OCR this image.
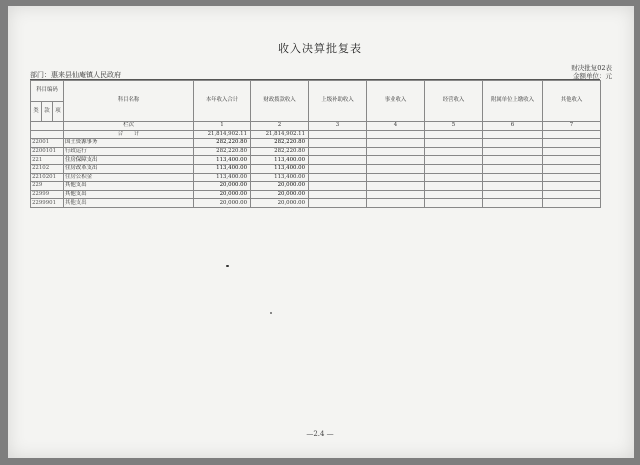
收入决算批复表
部门：惠来县仙庵镇人民政府
财决批复02表
金额单位：元
科目编码			科目名称	本年收入合计	财政拨款收入	上级补助收入	事业收入	经营收入	附属单位上缴收入	其他收入
类	款	项								
			栏次	1	2	3	4	5	6	7
			合　　计	21,814,902.11	21,814,902.11					
22001			国土资源事务	282,220.80	282,220.80					
2200101			行政运行	282,220.80	282,220.80					
221			住房保障支出	113,400.00	113,400.00					
22102			住房改革支出	113,400.00	113,400.00					
2210201			住房公积金	113,400.00	113,400.00					
229			其他支出	20,000.00	20,000.00					
22999			其他支出	20,000.00	20,000.00					
2299901			其他支出	20,000.00	20,000.00					
—2.4 —
